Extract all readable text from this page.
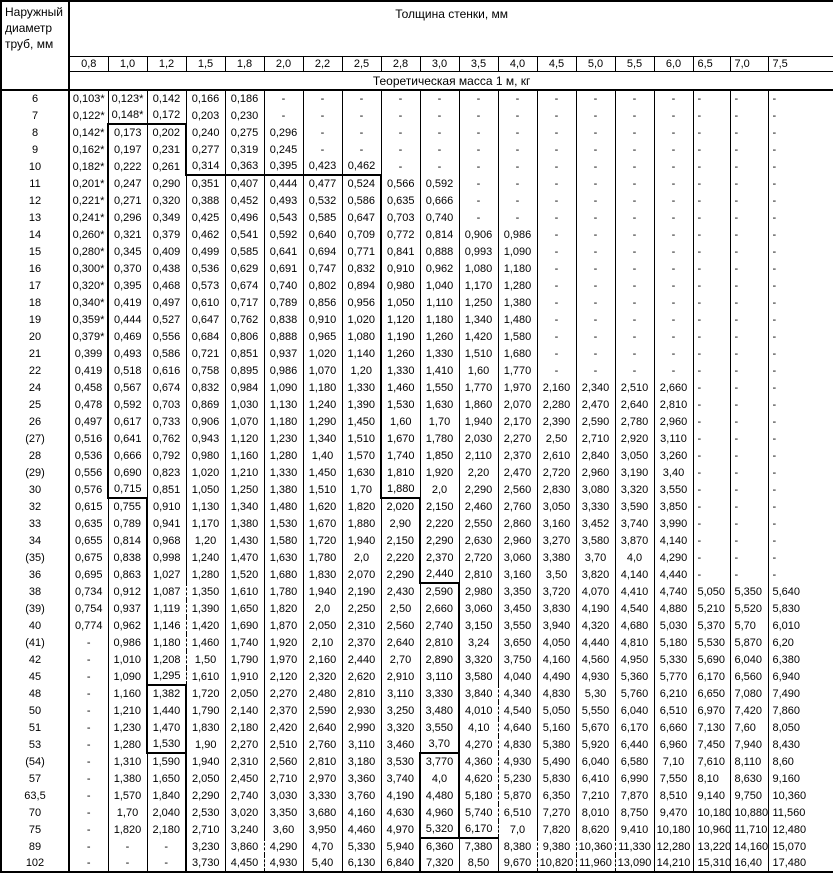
Наружный диаметр труб, мм	Толщина стенки, мм																		
	0,8	1,0	1,2	1,5	1,8	2,0	2,2	2,5	2,8	3,0	3,5	4,0	4,5	5,0	5,5	6,0	6,5	7,0	7,5
	Теоретическая масса 1 м, кг																		
6	0,103*	0,123*	0,142	0,166	0,186	-	-	-	-	-	-	-	-	-	-	-	-	-	-
7	0,122*	0,148*	0,172	0,203	0,230	-	-	-	-	-	-	-	-	-	-	-	-	-	-
8	0,142*	0,173	0,202	0,240	0,275	0,296	-	-	-	-	-	-	-	-	-	-	-	-	-
9	0,162*	0,197	0,231	0,277	0,319	0,245	-	-	-	-	-	-	-	-	-	-	-	-	-
10	0,182*	0,222	0,261	0,314	0,363	0,395	0,423	0,462	-	-	-	-	-	-	-	-	-	-	-
11	0,201*	0,247	0,290	0,351	0,407	0,444	0,477	0,524	0,566	0,592	-	-	-	-	-	-	-	-	-
12	0,221*	0,271	0,320	0,388	0,452	0,493	0,532	0,586	0,635	0,666	-	-	-	-	-	-	-	-	-
13	0,241*	0,296	0,349	0,425	0,496	0,543	0,585	0,647	0,703	0,740	-	-	-	-	-	-	-	-	-
14	0,260*	0,321	0,379	0,462	0,541	0,592	0,640	0,709	0,772	0,814	0,906	0,986	-	-	-	-	-	-	-
15	0,280*	0,345	0,409	0,499	0,585	0,641	0,694	0,771	0,841	0,888	0,993	1,090	-	-	-	-	-	-	-
16	0,300*	0,370	0,438	0,536	0,629	0,691	0,747	0,832	0,910	0,962	1,080	1,180	-	-	-	-	-	-	-
17	0,320*	0,395	0,468	0,573	0,674	0,740	0,802	0,894	0,980	1,040	1,170	1,280	-	-	-	-	-	-	-
18	0,340*	0,419	0,497	0,610	0,717	0,789	0,856	0,956	1,050	1,110	1,250	1,380	-	-	-	-	-	-	-
19	0,359*	0,444	0,527	0,647	0,762	0,838	0,910	1,020	1,120	1,180	1,340	1,480	-	-	-	-	-	-	-
20	0,379*	0,469	0,556	0,684	0,806	0,888	0,965	1,080	1,190	1,260	1,420	1,580	-	-	-	-	-	-	-
21	0,399	0,493	0,586	0,721	0,851	0,937	1,020	1,140	1,260	1,330	1,510	1,680	-	-	-	-	-	-	-
22	0,419	0,518	0,616	0,758	0,895	0,986	1,070	1,20	1,330	1,410	1,60	1,770	-	-	-	-	-	-	-
24	0,458	0,567	0,674	0,832	0,984	1,090	1,180	1,330	1,460	1,550	1,770	1,970	2,160	2,340	2,510	2,660	-	-	-
25	0,478	0,592	0,703	0,869	1,030	1,130	1,240	1,390	1,530	1,630	1,860	2,070	2,280	2,470	2,640	2,810	-	-	-
26	0,497	0,617	0,733	0,906	1,070	1,180	1,290	1,450	1,60	1,70	1,940	2,170	2,390	2,590	2,780	2,960	-	-	-
(27)	0,516	0,641	0,762	0,943	1,120	1,230	1,340	1,510	1,670	1,780	2,030	2,270	2,50	2,710	2,920	3,110	-	-	-
28	0,536	0,666	0,792	0,980	1,160	1,280	1,40	1,570	1,740	1,850	2,110	2,370	2,610	2,840	3,050	3,260	-	-	-
(29)	0,556	0,690	0,823	1,020	1,210	1,330	1,450	1,630	1,810	1,920	2,20	2,470	2,720	2,960	3,190	3,40	-	-	-
30	0,576	0,715	0,851	1,050	1,250	1,380	1,510	1,70	1,880	2,0	2,290	2,560	2,830	3,080	3,320	3,550	-	-	-
32	0,615	0,755	0,910	1,130	1,340	1,480	1,620	1,820	2,020	2,150	2,460	2,760	3,050	3,330	3,590	3,850	-	-	-
33	0,635	0,789	0,941	1,170	1,380	1,530	1,670	1,880	2,90	2,220	2,550	2,860	3,160	3,452	3,740	3,990	-	-	-
34	0,655	0,814	0,968	1,20	1,430	1,580	1,720	1,940	2,150	2,290	2,630	2,960	3,270	3,580	3,870	4,140	-	-	-
(35)	0,675	0,838	0,998	1,240	1,470	1,630	1,780	2,0	2,220	2,370	2,720	3,060	3,380	3,70	4,0	4,290	-	-	-
36	0,695	0,863	1,027	1,280	1,520	1,680	1,830	2,070	2,290	2,440	2,810	3,160	3,50	3,820	4,140	4,440	-	-	-
38	0,734	0,912	1,087	1,350	1,610	1,780	1,940	2,190	2,430	2,590	2,980	3,350	3,720	4,070	4,410	4,740	5,050	5,350	5,640
(39)	0,754	0,937	1,119	1,390	1,650	1,820	2,0	2,250	2,50	2,660	3,060	3,450	3,830	4,190	4,540	4,880	5,210	5,520	5,830
40	0,774	0,962	1,146	1,420	1,690	1,870	2,050	2,310	2,560	2,740	3,150	3,550	3,940	4,320	4,680	5,030	5,370	5,70	6,010
(41)	-	0,986	1,180	1,460	1,740	1,920	2,10	2,370	2,640	2,810	3,24	3,650	4,050	4,440	4,810	5,180	5,530	5,870	6,20
42	-	1,010	1,208	1,50	1,790	1,970	2,160	2,440	2,70	2,890	3,320	3,750	4,160	4,560	4,950	5,330	5,690	6,040	6,380
45	-	1,090	1,295	1,610	1,910	2,120	2,320	2,620	2,910	3,110	3,580	4,040	4,490	4,930	5,360	5,770	6,170	6,560	6,940
48	-	1,160	1,382	1,720	2,050	2,270	2,480	2,810	3,110	3,330	3,840	4,340	4,830	5,30	5,760	6,210	6,650	7,080	7,490
50	-	1,210	1,440	1,790	2,140	2,370	2,590	2,930	3,250	3,480	4,010	4,540	5,050	5,550	6,040	6,510	6,970	7,420	7,860
51	-	1,230	1,470	1,830	2,180	2,420	2,640	2,990	3,320	3,550	4,10	4,640	5,160	5,670	6,170	6,660	7,130	7,60	8,050
53	-	1,280	1,530	1,90	2,270	2,510	2,760	3,110	3,460	3,70	4,270	4,830	5,380	5,920	6,440	6,960	7,450	7,940	8,430
(54)	-	1,310	1,590	1,940	2,310	2,560	2,810	3,180	3,530	3,770	4,360	4,930	5,490	6,040	6,580	7,10	7,610	8,110	8,60
57	-	1,380	1,650	2,050	2,450	2,710	2,970	3,360	3,740	4,0	4,620	5,230	5,830	6,410	6,990	7,550	8,10	8,630	9,160
63,5	-	1,570	1,840	2,290	2,740	3,030	3,330	3,760	4,190	4,480	5,180	5,870	6,350	7,210	7,870	8,510	9,140	9,750	10,360
70	-	1,70	2,040	2,530	3,020	3,350	3,680	4,160	4,630	4,960	5,740	6,510	7,270	8,010	8,750	9,470	10,180	10,880	11,560
75	-	1,820	2,180	2,710	3,240	3,60	3,950	4,460	4,970	5,320	6,170	7,0	7,820	8,620	9,410	10,180	10,960	11,710	12,480
89	-	-	-	3,230	3,860	4,290	4,70	5,330	5,940	6,360	7,380	8,380	9,380	10,360	11,330	12,280	13,220	14,160	15,070
102	-	-	-	3,730	4,450	4,930	5,40	6,130	6,840	7,320	8,50	9,670	10,820	11,960	13,090	14,210	15,310	16,40	17,480
